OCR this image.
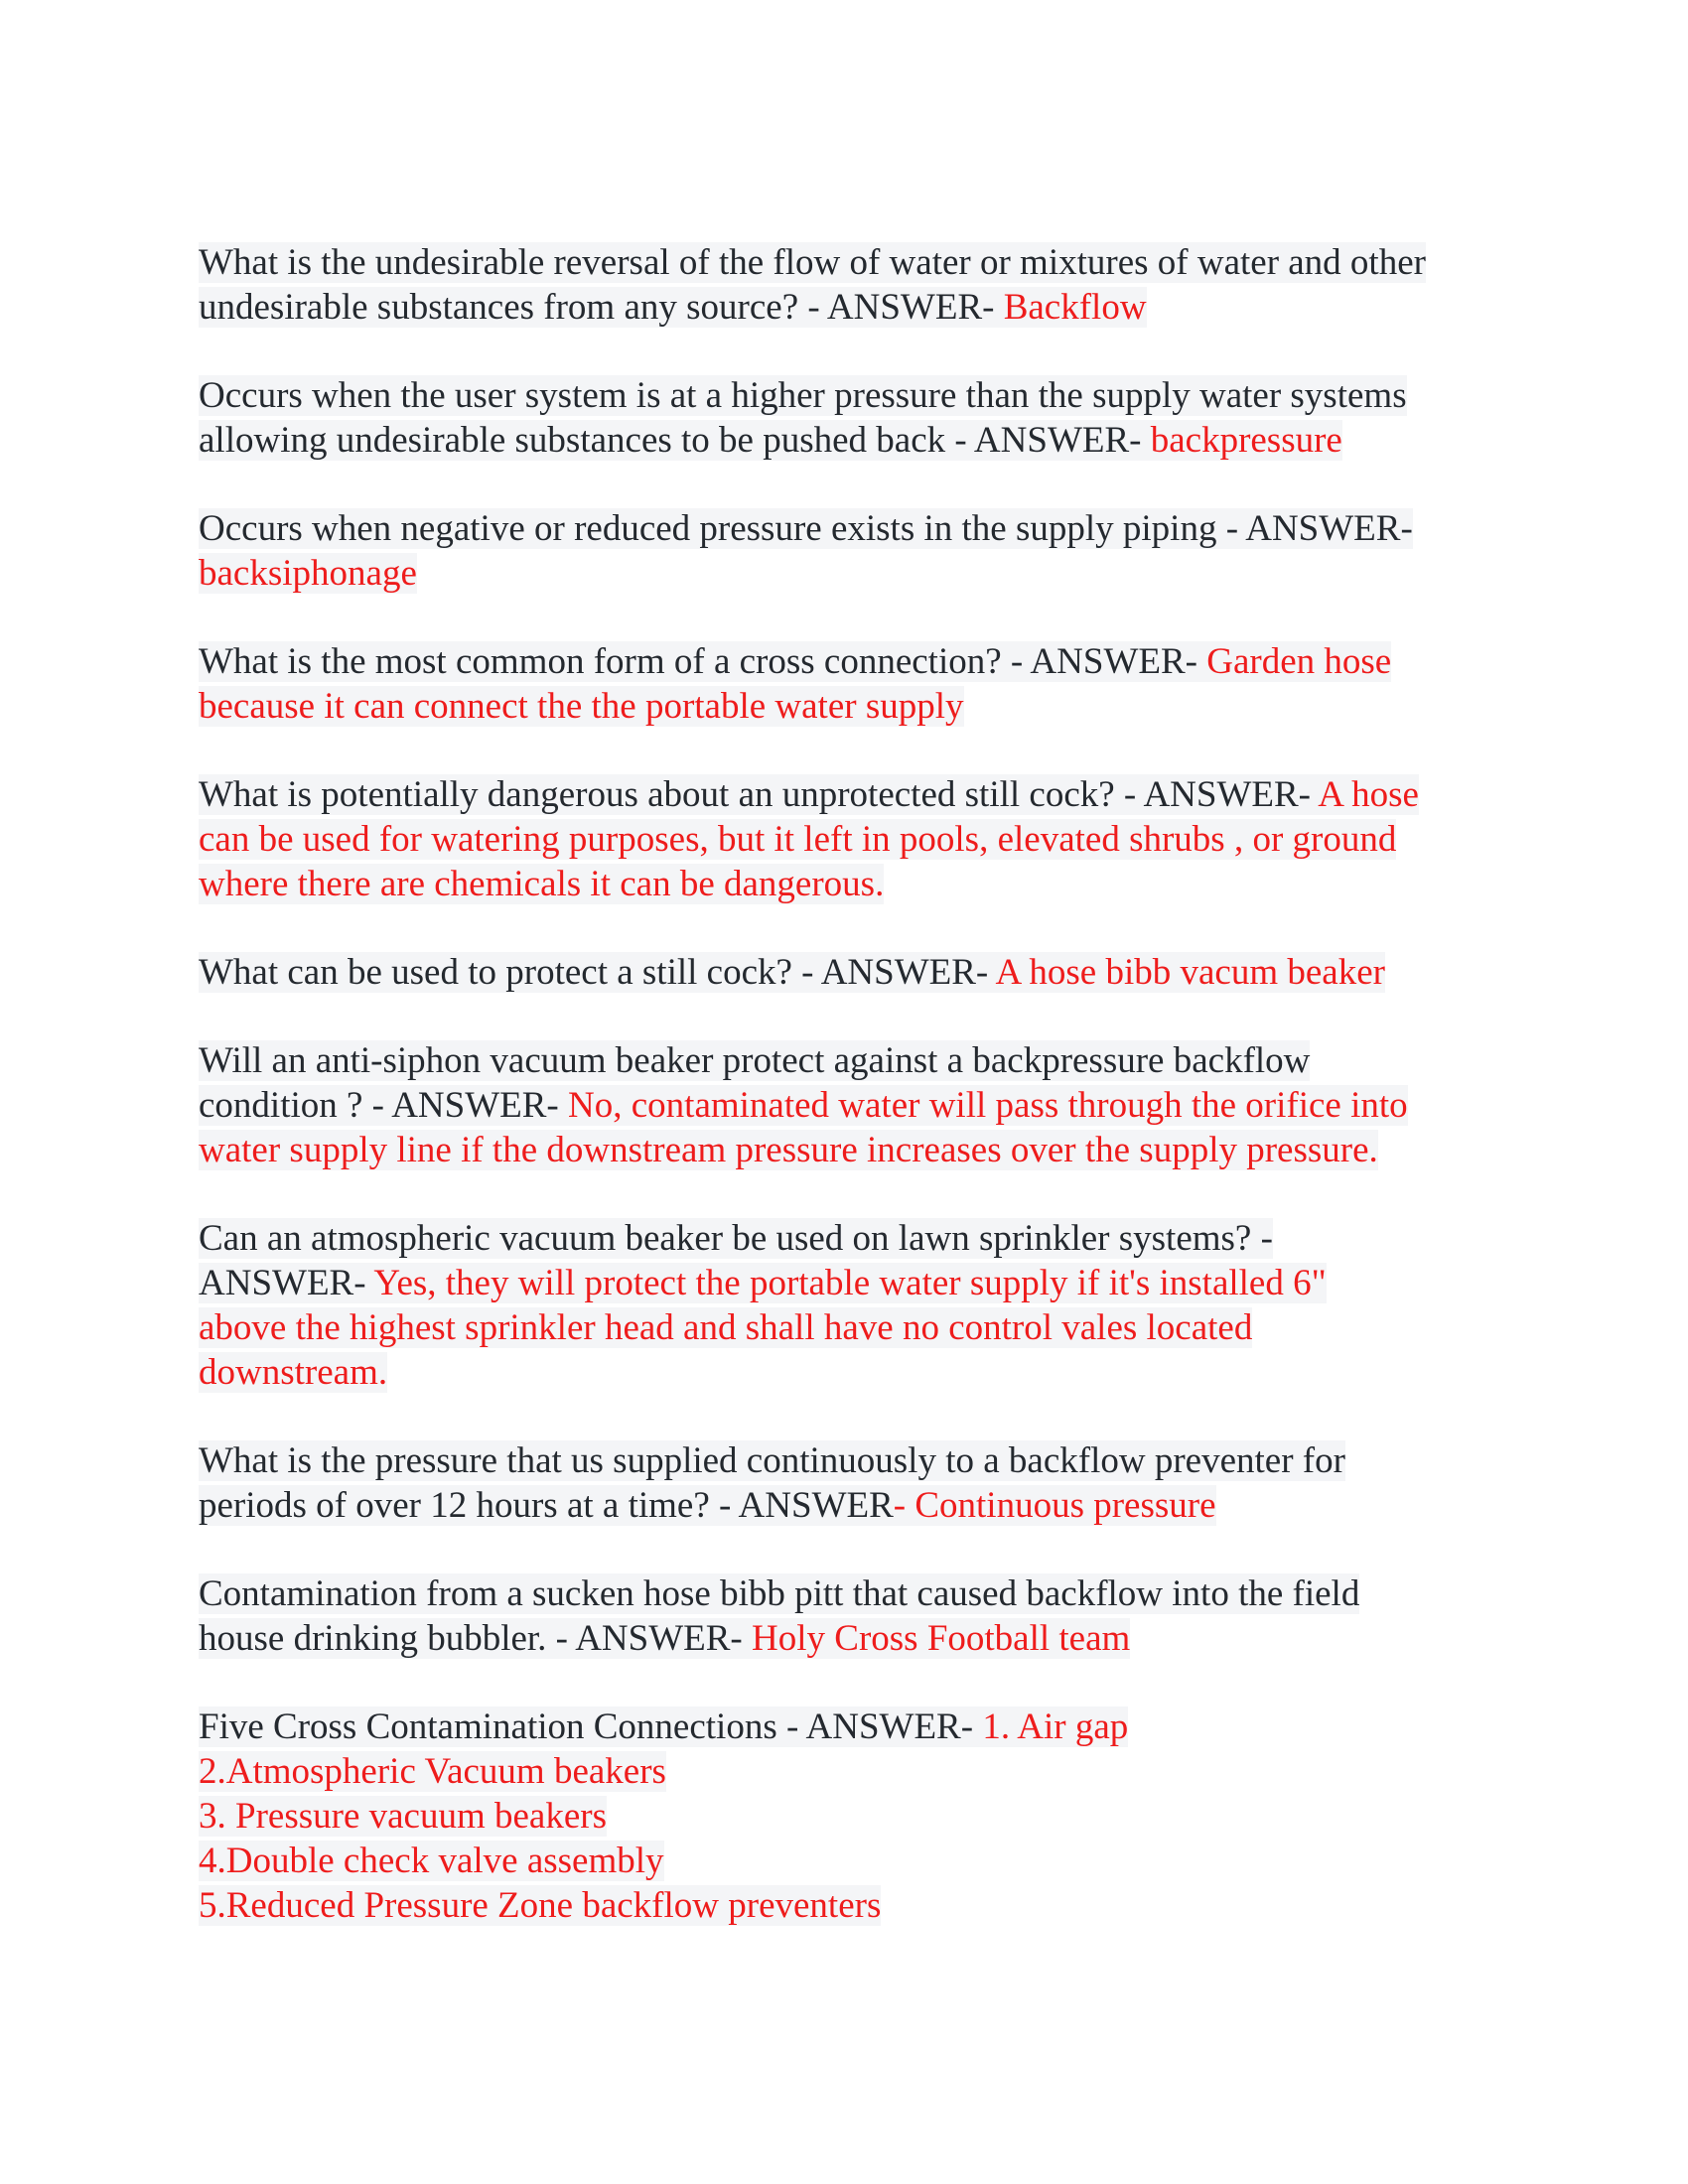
What is the undesirable reversal of the flow of water or mixtures of water and other
undesirable substances from any source? - ANSWER- Backflow
Occurs when the user system is at a higher pressure than the supply water systems
allowing undesirable substances to be pushed back - ANSWER- backpressure
Occurs when negative or reduced pressure exists in the supply piping - ANSWER-
backsiphonage
What is the most common form of a cross connection? - ANSWER- Garden hose
because it can connect the the portable water supply
What is potentially dangerous about an unprotected still cock? - ANSWER- A hose
can be used for watering purposes, but it left in pools, elevated shrubs , or ground
where there are chemicals it can be dangerous.
What can be used to protect a still cock? - ANSWER- A hose bibb vacum beaker
Will an anti-siphon vacuum beaker protect against a backpressure backflow
condition ? - ANSWER- No, contaminated water will pass through the orifice into
water supply line if the downstream pressure increases over the supply pressure.
Can an atmospheric vacuum beaker be used on lawn sprinkler systems? -
ANSWER- Yes, they will protect the portable water supply if it's installed 6"
above the highest sprinkler head and shall have no control vales located
downstream.
What is the pressure that us supplied continuously to a backflow preventer for
periods of over 12 hours at a time? - ANSWER- Continuous pressure
Contamination from a sucken hose bibb pitt that caused backflow into the field
house drinking bubbler. - ANSWER- Holy Cross Football team
Five Cross Contamination Connections - ANSWER- 1. Air gap
2.Atmospheric Vacuum beakers
3. Pressure vacuum beakers
4.Double check valve assembly
5.Reduced Pressure Zone backflow preventers
